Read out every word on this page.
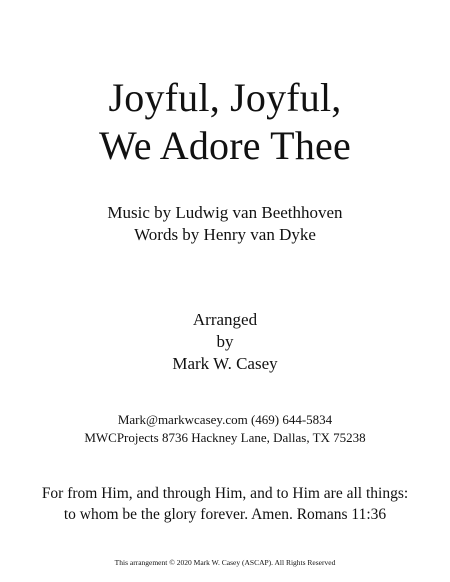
Joyful, Joyful,
We Adore Thee
Music by Ludwig van Beethhoven
Words by Henry van Dyke
Arranged
by
Mark W. Casey
Mark@markwcasey.com (469) 644-5834
MWCProjects 8736 Hackney Lane, Dallas, TX 75238
For from Him, and through Him, and to Him are all things:
to whom be the glory forever. Amen. Romans 11:36
This arrangement © 2020 Mark W. Casey (ASCAP). All Rights Reserved
